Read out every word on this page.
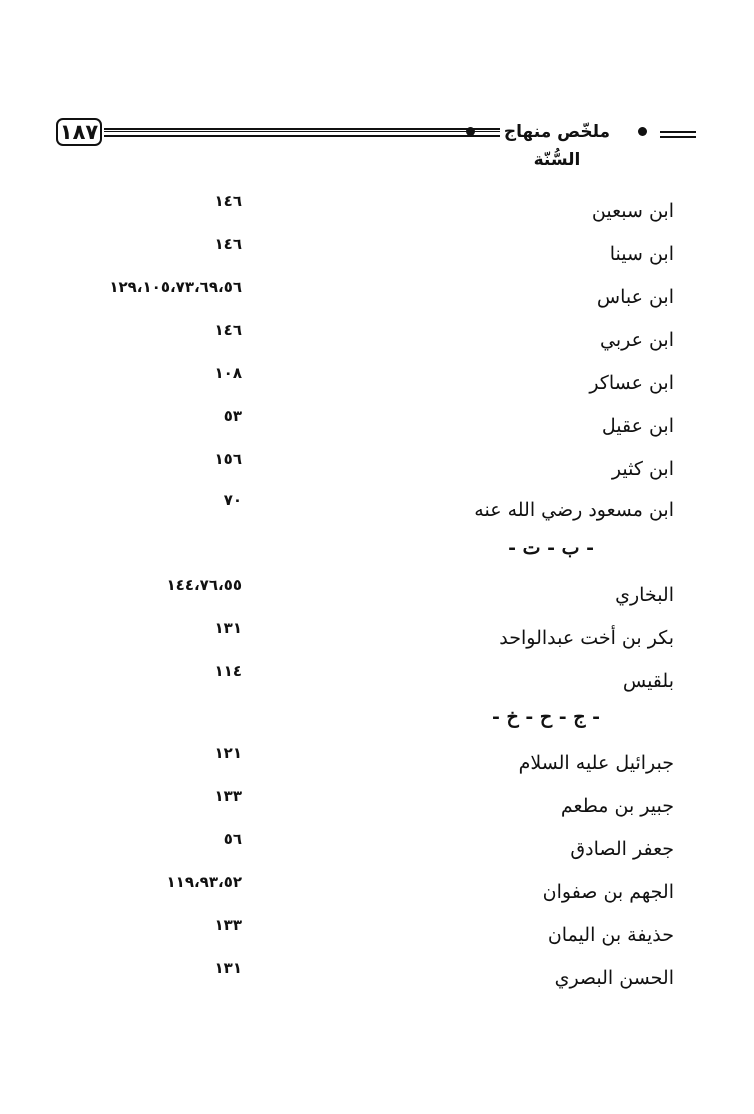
١٨٧	ملخّص منهاج السُّنّة
ابن سبعين
١٤٦
ابن سينا
١٤٦
ابن عباس
١٢٩،١٠٥،٧٣،٦٩،٥٦
ابن عربي
١٤٦
ابن عساكر
١٠٨
ابن عقيل
٥٣
ابن كثير
١٥٦
ابن مسعود رضي الله عنه
٧٠
- ب - ت -
البخاري
١٤٤،٧٦،٥٥
بكر بن أخت عبدالواحد
١٣١
بلقيس
١١٤
- ج - ح - خ -
جبرائيل عليه السلام
١٢١
جبير بن مطعم
١٣٣
جعفر الصادق
٥٦
الجهم بن صفوان
١١٩،٩٣،٥٢
حذيفة بن اليمان
١٣٣
الحسن البصري
١٣١
